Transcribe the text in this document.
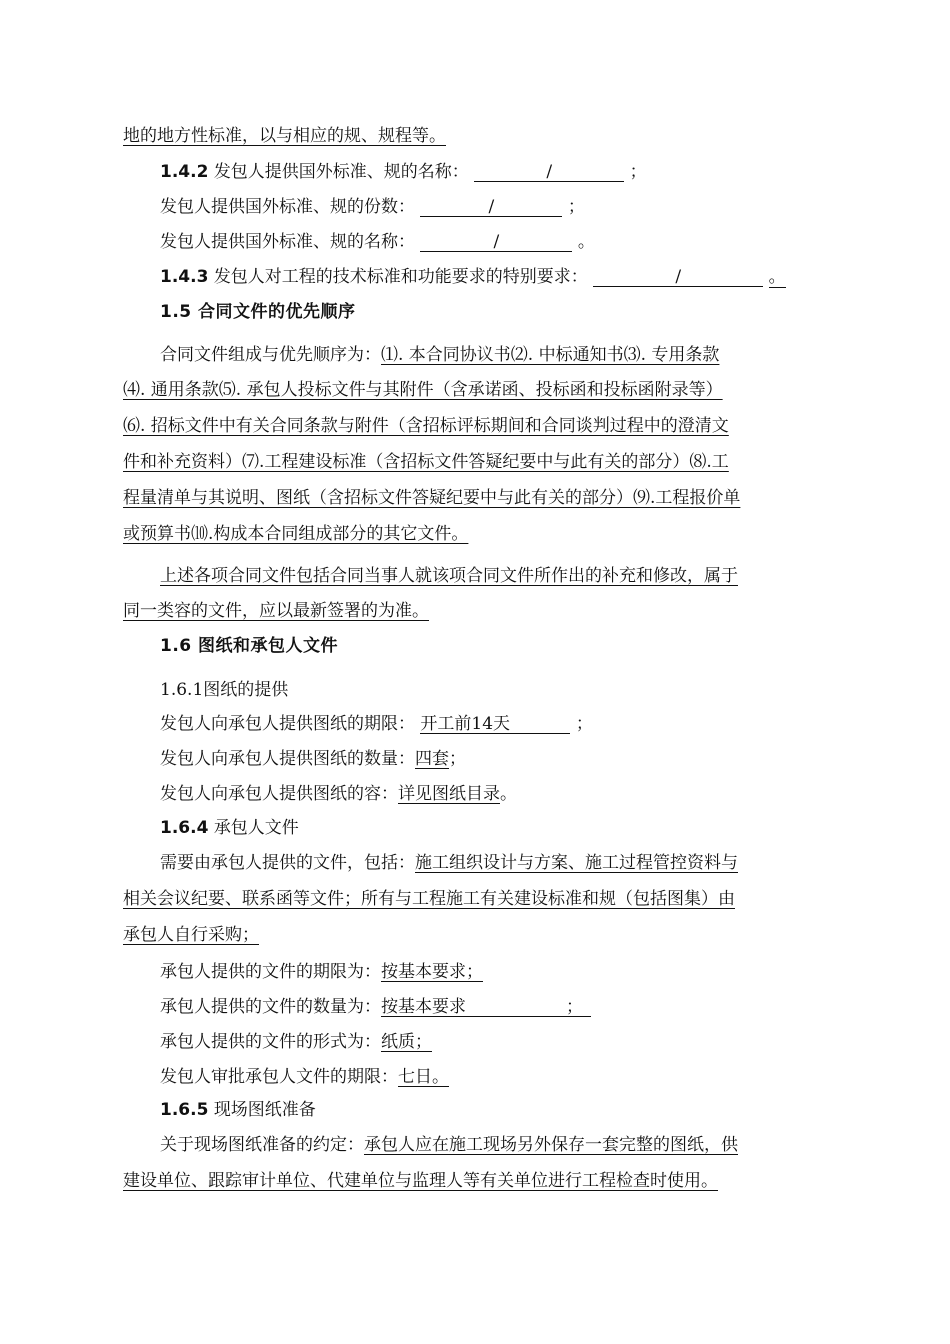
地的地方性标准，以与相应的规、规程等。
1.4.2 发包人提供国外标准、规的名称：	/	；
发包人提供国外标准、规的份数：	/	；
发包人提供国外标准、规的名称：	/	。
1.4.3 发包人对工程的技术标准和功能要求的特别要求：	/	。
1.5 合同文件的优先顺序
合同文件组成与优先顺序为：⑴. 本合同协议书⑵. 中标通知书⑶. 专用条款
⑷. 通用条款⑸. 承包人投标文件与其附件（含承诺函、投标函和投标函附录等）
⑹. 招标文件中有关合同条款与附件（含招标评标期间和合同谈判过程中的澄清文
件和补充资料）⑺.工程建设标准（含招标文件答疑纪要中与此有关的部分）⑻.工
程量清单与其说明、图纸（含招标文件答疑纪要中与此有关的部分）⑼.工程报价单
或预算书⑽.构成本合同组成部分的其它文件。
上述各项合同文件包括合同当事人就该项合同文件所作出的补充和修改，属于
同一类容的文件，应以最新签署的为准。
1.6 图纸和承包人文件
1.6.1图纸的提供
发包人向承包人提供图纸的期限： 开工前14天	；
发包人向承包人提供图纸的数量：四套；
发包人向承包人提供图纸的容：详见图纸目录。
1.6.4 承包人文件
需要由承包人提供的文件，包括：施工组织设计与方案、施工过程管控资料与
相关会议纪要、联系函等文件；所有与工程施工有关建设标准和规（包括图集）由
承包人自行采购；
承包人提供的文件的期限为：按基本要求；
承包人提供的文件的数量为：按基本要求	；
承包人提供的文件的形式为：纸质；
发包人审批承包人文件的期限：七日。
1.6.5 现场图纸准备
关于现场图纸准备的约定：承包人应在施工现场另外保存一套完整的图纸，供
建设单位、跟踪审计单位、代建单位与监理人等有关单位进行工程检查时使用。
